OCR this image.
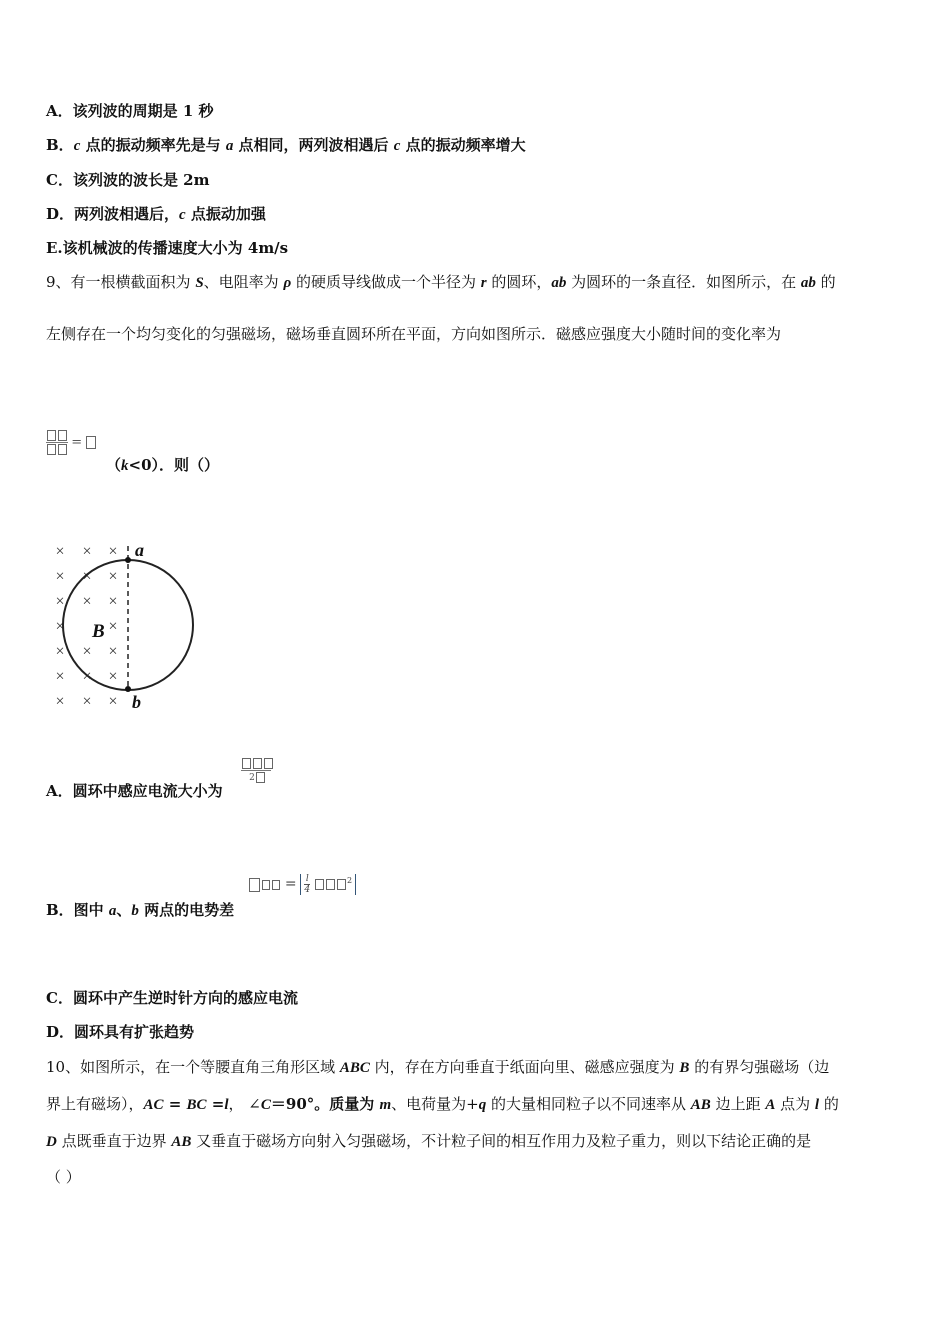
A．该列波的周期是 1 秒
B．c 点的振动频率先是与 a 点相同，两列波相遇后 c 点的振动频率增大
C．该列波的波长是 2m
D．两列波相遇后，c 点振动加强
E.该机械波的传播速度大小为 4m/s
9、有一根横截面积为 S、电阻率为 ρ 的硬质导线做成一个半径为 r 的圆环，ab 为圆环的一条直径．如图所示，在 ab 的
左侧存在一个均匀变化的匀强磁场，磁场垂直圆环所在平面，方向如图所示．磁感应强度大小随时间的变化率为
=
（k<0）．则（）
× × ×
× × ×
× × ×
×	×
× × ×
× × ×
× × ×
a
b
B
2
A．圆环中感应电流大小为
= $\frac{l}{4}$	$^2$
B．图中 a、b 两点的电势差
C．圆环中产生逆时针方向的感应电流
D．圆环具有扩张趋势
10、如图所示，在一个等腰直角三角形区域 ABC 内，存在方向垂直于纸面向里、磁感应强度为 B 的有界匀强磁场（边
界上有磁场），AC = BC =l， ∠C＝90°。质量为 m、电荷量为+q 的大量相同粒子以不同速率从 AB 边上距 A 点为 l 的
D 点既垂直于边界 AB 又垂直于磁场方向射入匀强磁场，不计粒子间的相互作用力及粒子重力，则以下结论正确的是
（ ）
